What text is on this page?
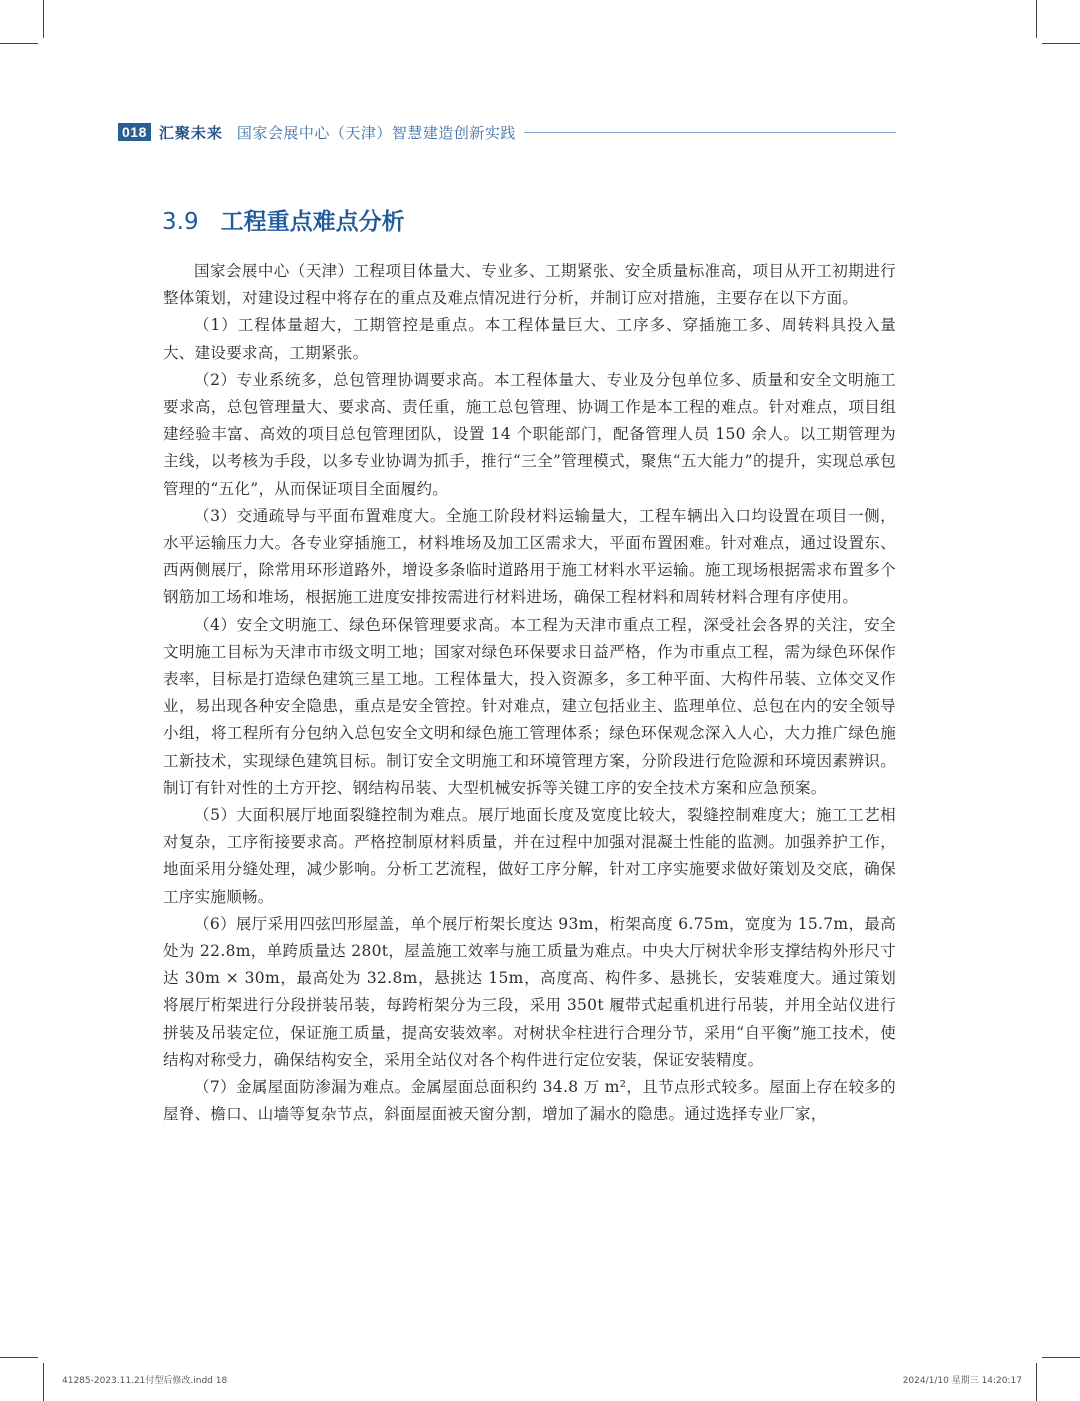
018 汇聚未来 国家会展中心（天津）智慧建造创新实践
3.9 工程重点难点分析

国家会展中心（天津）工程项目体量大、专业多、工期紧张、安全质量标准高，项目从开工初期进行整体策划，对建设过程中将存在的重点及难点情况进行分析，并制订应对措施，主要存在以下方面。

（1）工程体量超大，工期管控是重点。本工程体量巨大、工序多、穿插施工多、周转料具投入量大、建设要求高，工期紧张。

（2）专业系统多，总包管理协调要求高。本工程体量大、专业及分包单位多、质量和安全文明施工要求高，总包管理量大、要求高、责任重，施工总包管理、协调工作是本工程的难点。针对难点，项目组建经验丰富、高效的项目总包管理团队，设置 14 个职能部门，配备管理人员 150 余人。以工期管理为主线，以考核为手段，以多专业协调为抓手，推行“三全”管理模式，聚焦“五大能力”的提升，实现总承包管理的“五化”，从而保证项目全面履约。

（3）交通疏导与平面布置难度大。全施工阶段材料运输量大，工程车辆出入口均设置在项目一侧，水平运输压力大。各专业穿插施工，材料堆场及加工区需求大，平面布置困难。针对难点，通过设置东、西两侧展厅，除常用环形道路外，增设多条临时道路用于施工材料水平运输。施工现场根据需求布置多个钢筋加工场和堆场，根据施工进度安排按需进行材料进场，确保工程材料和周转材料合理有序使用。

（4）安全文明施工、绿色环保管理要求高。本工程为天津市重点工程，深受社会各界的关注，安全文明施工目标为天津市市级文明工地；国家对绿色环保要求日益严格，作为市重点工程，需为绿色环保作表率，目标是打造绿色建筑三星工地。工程体量大，投入资源多，多工种平面、大构件吊装、立体交叉作业，易出现各种安全隐患，重点是安全管控。针对难点，建立包括业主、监理单位、总包在内的安全领导小组，将工程所有分包纳入总包安全文明和绿色施工管理体系；绿色环保观念深入人心，大力推广绿色施工新技术，实现绿色建筑目标。制订安全文明施工和环境管理方案，分阶段进行危险源和环境因素辨识。制订有针对性的土方开挖、钢结构吊装、大型机械安拆等关键工序的安全技术方案和应急预案。

（5）大面积展厅地面裂缝控制为难点。展厅地面长度及宽度比较大，裂缝控制难度大；施工工艺相对复杂，工序衔接要求高。严格控制原材料质量，并在过程中加强对混凝土性能的监测。加强养护工作，地面采用分缝处理，减少影响。分析工艺流程，做好工序分解，针对工序实施要求做好策划及交底，确保工序实施顺畅。

（6）展厅采用四弦凹形屋盖，单个展厅桁架长度达 93m，桁架高度 6.75m，宽度为 15.7m，最高处为 22.8m，单跨质量达 280t，屋盖施工效率与施工质量为难点。中央大厅树状伞形支撑结构外形尺寸达 30m × 30m，最高处为 32.8m，悬挑达 15m，高度高、构件多、悬挑长，安装难度大。通过策划将展厅桁架进行分段拼装吊装，每跨桁架分为三段，采用 350t 履带式起重机进行吊装，并用全站仪进行拼装及吊装定位，保证施工质量，提高安装效率。对树状伞柱进行合理分节，采用“自平衡”施工技术，使结构对称受力，确保结构安全，采用全站仪对各个构件进行定位安装，保证安装精度。

（7）金属屋面防渗漏为难点。金属屋面总面积约 34.8 万 m²，且节点形式较多。屋面上存在较多的屋脊、檐口、山墙等复杂节点，斜面屋面被天窗分割，增加了漏水的隐患。通过选择专业厂家，

41285-2023.11.21付型后修改.indd 18	2024/1/10 星期三 14:20:17
